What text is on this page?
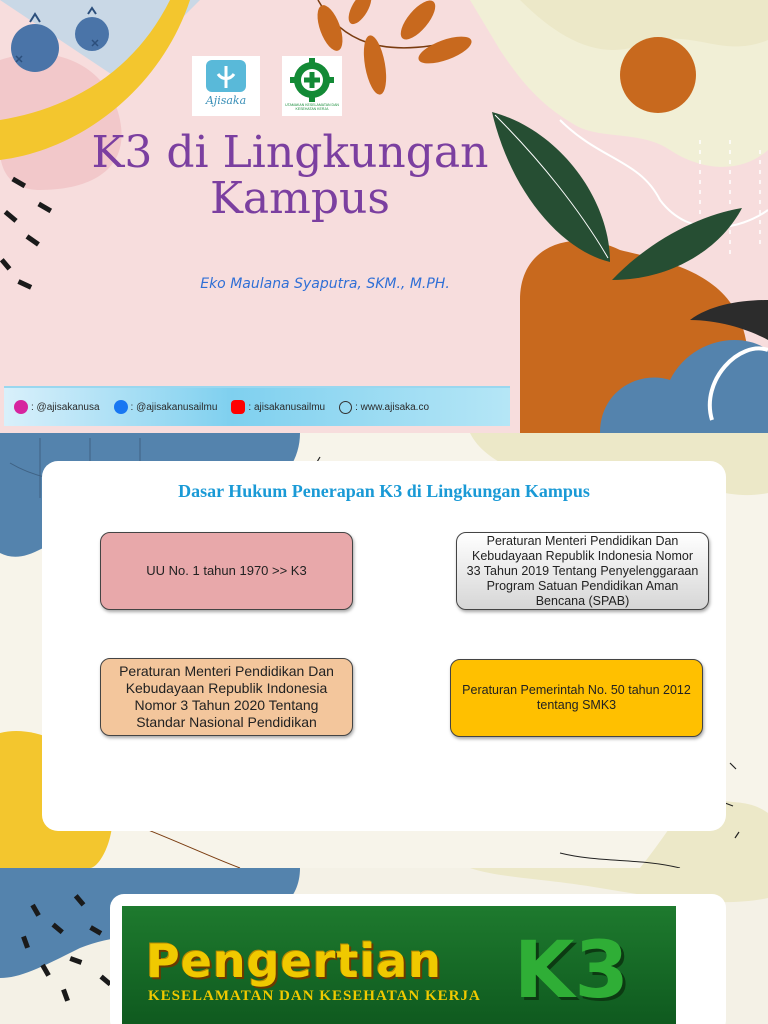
Ajisaka	UTAMAKAN KESELAMATAN DAN KESEHATAN KERJA
K3 di Lingkungan
Kampus
Eko Maulana Syaputra, SKM., M.PH.
: @ajisakanusa	: @ajisakanusailmu	: ajisakanusailmu	: www.ajisaka.co
Dasar Hukum Penerapan K3 di Lingkungan Kampus
UU No. 1 tahun 1970 >> K3
Peraturan Menteri Pendidikan Dan Kebudayaan Republik Indonesia Nomor 33 Tahun 2019 Tentang Penyelenggaraan Program Satuan Pendidikan Aman Bencana (SPAB)
Peraturan Menteri Pendidikan Dan Kebudayaan Republik Indonesia Nomor 3 Tahun 2020 Tentang Standar Nasional Pendidikan
Peraturan Pemerintah No. 50 tahun 2012 tentang SMK3
Pengertian K3
KESELAMATAN DAN KESEHATAN KERJA
